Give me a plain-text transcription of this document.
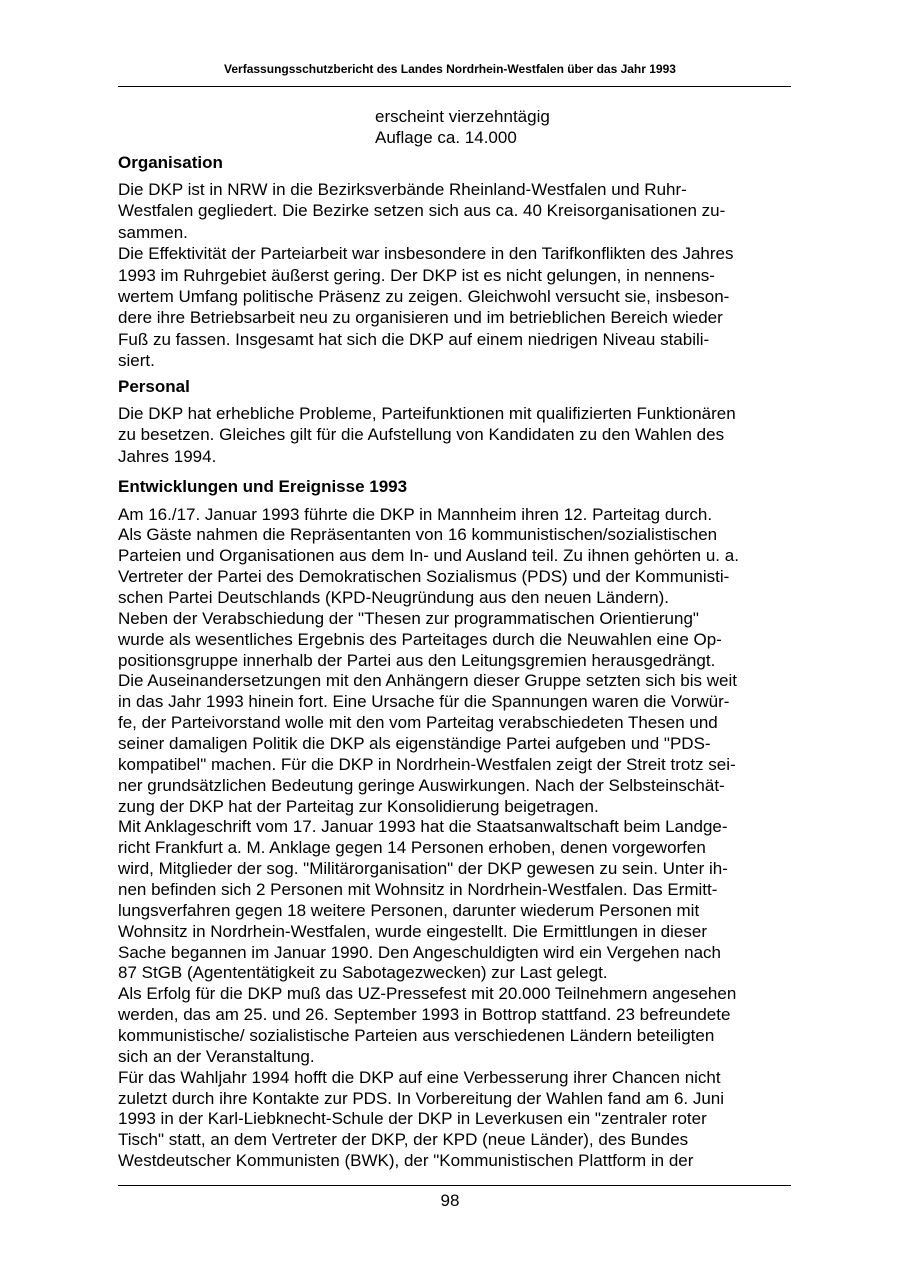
Verfassungsschutzbericht des Landes Nordrhein-Westfalen über das Jahr 1993
erscheint vierzehntägig
Auflage ca. 14.000
Organisation
Die DKP ist in NRW in die Bezirksverbände Rheinland-Westfalen und Ruhr-
Westfalen gegliedert. Die Bezirke setzen sich aus ca. 40 Kreisorganisationen zu-
sammen.
Die Effektivität der Parteiarbeit war insbesondere in den Tarifkonflikten des Jahres
1993 im Ruhrgebiet äußerst gering. Der DKP ist es nicht gelungen, in nennens-
wertem Umfang politische Präsenz zu zeigen. Gleichwohl versucht sie, insbeson-
dere ihre Betriebsarbeit neu zu organisieren und im betrieblichen Bereich wieder
Fuß zu fassen. Insgesamt hat sich die DKP auf einem niedrigen Niveau stabili-
siert.
Personal
Die DKP hat erhebliche Probleme, Parteifunktionen mit qualifizierten Funktionären
zu besetzen. Gleiches gilt für die Aufstellung von Kandidaten zu den Wahlen des
Jahres 1994.
Entwicklungen und Ereignisse 1993
Am 16./17. Januar 1993 führte die DKP in Mannheim ihren 12. Parteitag durch.
Als Gäste nahmen die Repräsentanten von 16 kommunistischen/sozialistischen
Parteien und Organisationen aus dem In- und Ausland teil. Zu ihnen gehörten u. a.
Vertreter der Partei des Demokratischen Sozialismus (PDS) und der Kommunisti-
schen Partei Deutschlands (KPD-Neugründung aus den neuen Ländern).
Neben der Verabschiedung der "Thesen zur programmatischen Orientierung"
wurde als wesentliches Ergebnis des Parteitages durch die Neuwahlen eine Op-
positionsgruppe innerhalb der Partei aus den Leitungsgremien herausgedrängt.
Die Auseinandersetzungen mit den Anhängern dieser Gruppe setzten sich bis weit
in das Jahr 1993 hinein fort. Eine Ursache für die Spannungen waren die Vorwür-
fe, der Parteivorstand wolle mit den vom Parteitag verabschiedeten Thesen und
seiner damaligen Politik die DKP als eigenständige Partei aufgeben und "PDS-
kompatibel" machen. Für die DKP in Nordrhein-Westfalen zeigt der Streit trotz sei-
ner grundsätzlichen Bedeutung geringe Auswirkungen. Nach der Selbsteinschät-
zung der DKP hat der Parteitag zur Konsolidierung beigetragen.
Mit Anklageschrift vom 17. Januar 1993 hat die Staatsanwaltschaft beim Landge-
richt Frankfurt a. M. Anklage gegen 14 Personen erhoben, denen vorgeworfen
wird, Mitglieder der sog. "Militärorganisation" der DKP gewesen zu sein. Unter ih-
nen befinden sich 2 Personen mit Wohnsitz in Nordrhein-Westfalen. Das Ermitt-
lungsverfahren gegen 18 weitere Personen, darunter wiederum Personen mit
Wohnsitz in Nordrhein-Westfalen, wurde eingestellt. Die Ermittlungen in dieser
Sache begannen im Januar 1990. Den Angeschuldigten wird ein Vergehen nach
87 StGB (Agententätigkeit zu Sabotagezwecken) zur Last gelegt.
Als Erfolg für die DKP muß das UZ-Pressefest mit 20.000 Teilnehmern angesehen
werden, das am 25. und 26. September 1993 in Bottrop stattfand. 23 befreundete
kommunistische/ sozialistische Parteien aus verschiedenen Ländern beteiligten
sich an der Veranstaltung.
Für das Wahljahr 1994 hofft die DKP auf eine Verbesserung ihrer Chancen nicht
zuletzt durch ihre Kontakte zur PDS. In Vorbereitung der Wahlen fand am 6. Juni
1993 in der Karl-Liebknecht-Schule der DKP in Leverkusen ein "zentraler roter
Tisch" statt, an dem Vertreter der DKP, der KPD (neue Länder), des Bundes
Westdeutscher Kommunisten (BWK), der "Kommunistischen Plattform in der
98
